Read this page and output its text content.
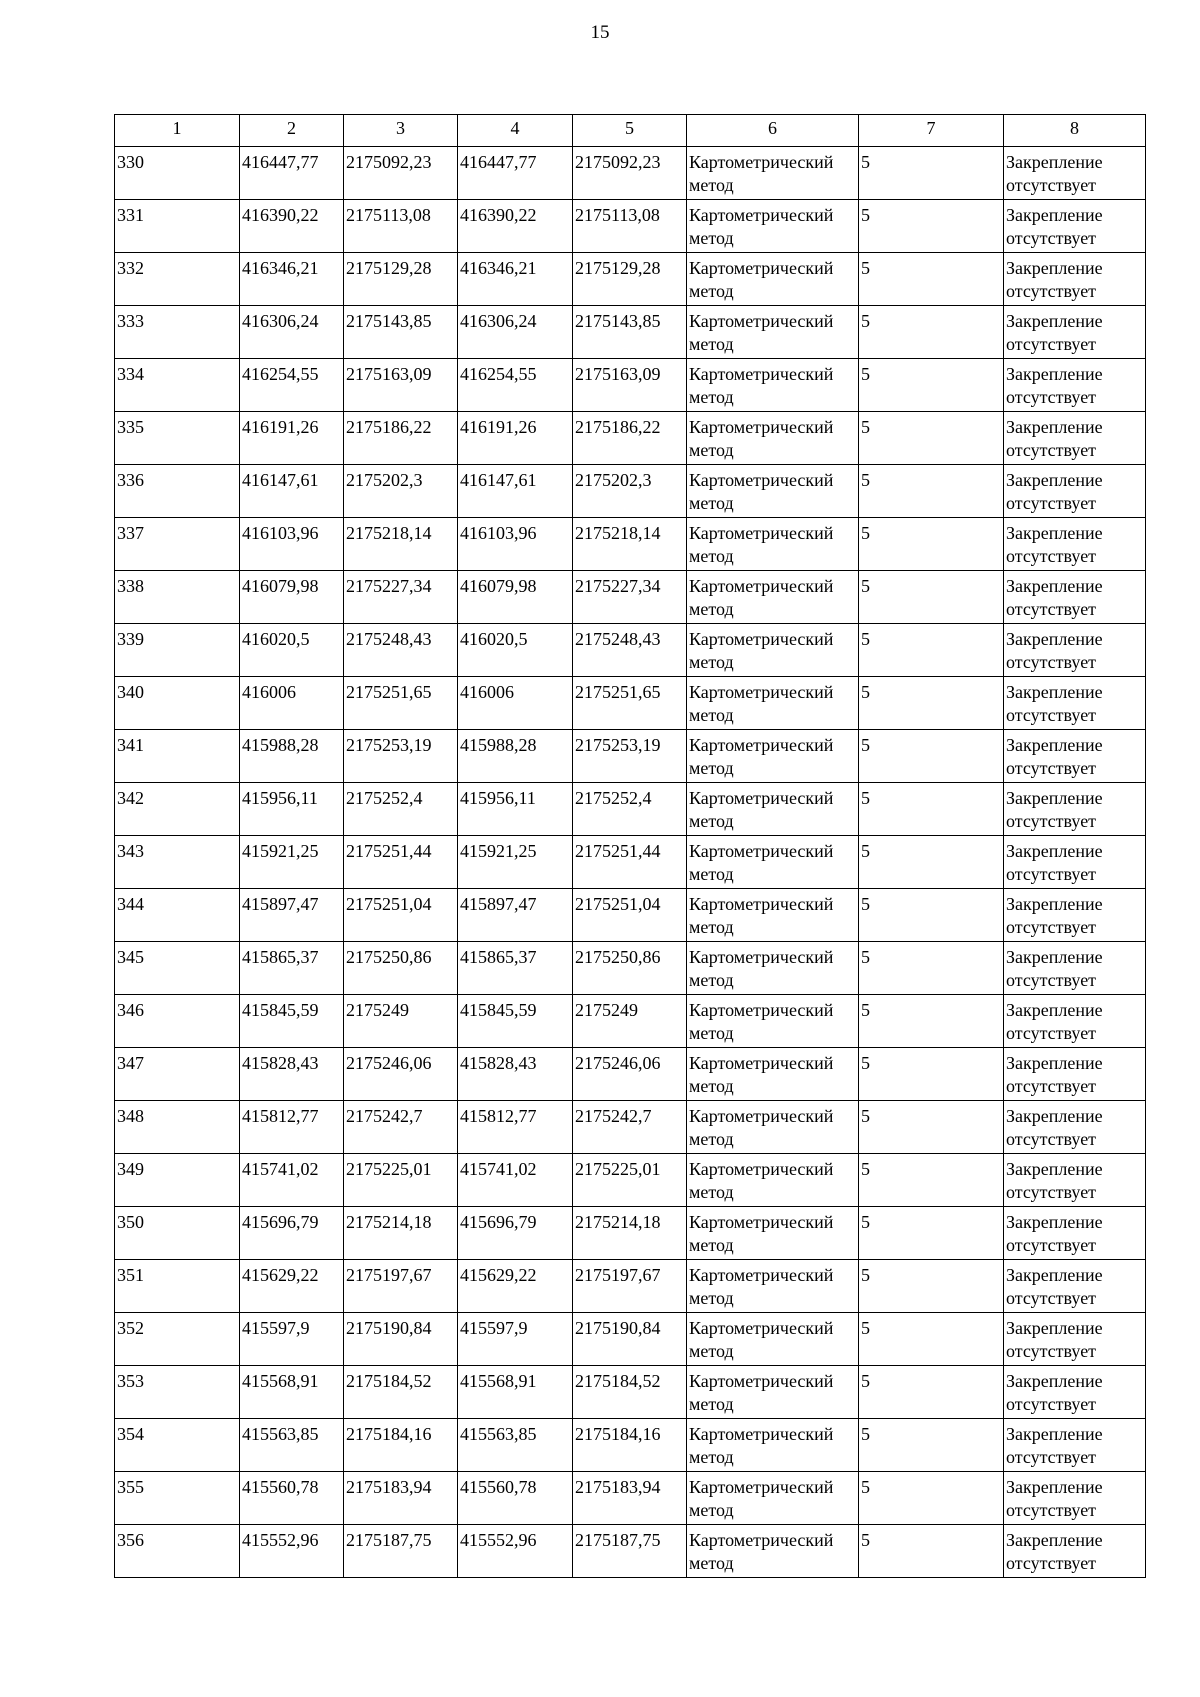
15
1	2	3	4	5	6	7	8
330	416447,77	2175092,23	416447,77	2175092,23	Картометрический метод	5	Закрепление отсутствует
331	416390,22	2175113,08	416390,22	2175113,08	Картометрический метод	5	Закрепление отсутствует
332	416346,21	2175129,28	416346,21	2175129,28	Картометрический метод	5	Закрепление отсутствует
333	416306,24	2175143,85	416306,24	2175143,85	Картометрический метод	5	Закрепление отсутствует
334	416254,55	2175163,09	416254,55	2175163,09	Картометрический метод	5	Закрепление отсутствует
335	416191,26	2175186,22	416191,26	2175186,22	Картометрический метод	5	Закрепление отсутствует
336	416147,61	2175202,3	416147,61	2175202,3	Картометрический метод	5	Закрепление отсутствует
337	416103,96	2175218,14	416103,96	2175218,14	Картометрический метод	5	Закрепление отсутствует
338	416079,98	2175227,34	416079,98	2175227,34	Картометрический метод	5	Закрепление отсутствует
339	416020,5	2175248,43	416020,5	2175248,43	Картометрический метод	5	Закрепление отсутствует
340	416006	2175251,65	416006	2175251,65	Картометрический метод	5	Закрепление отсутствует
341	415988,28	2175253,19	415988,28	2175253,19	Картометрический метод	5	Закрепление отсутствует
342	415956,11	2175252,4	415956,11	2175252,4	Картометрический метод	5	Закрепление отсутствует
343	415921,25	2175251,44	415921,25	2175251,44	Картометрический метод	5	Закрепление отсутствует
344	415897,47	2175251,04	415897,47	2175251,04	Картометрический метод	5	Закрепление отсутствует
345	415865,37	2175250,86	415865,37	2175250,86	Картометрический метод	5	Закрепление отсутствует
346	415845,59	2175249	415845,59	2175249	Картометрический метод	5	Закрепление отсутствует
347	415828,43	2175246,06	415828,43	2175246,06	Картометрический метод	5	Закрепление отсутствует
348	415812,77	2175242,7	415812,77	2175242,7	Картометрический метод	5	Закрепление отсутствует
349	415741,02	2175225,01	415741,02	2175225,01	Картометрический метод	5	Закрепление отсутствует
350	415696,79	2175214,18	415696,79	2175214,18	Картометрический метод	5	Закрепление отсутствует
351	415629,22	2175197,67	415629,22	2175197,67	Картометрический метод	5	Закрепление отсутствует
352	415597,9	2175190,84	415597,9	2175190,84	Картометрический метод	5	Закрепление отсутствует
353	415568,91	2175184,52	415568,91	2175184,52	Картометрический метод	5	Закрепление отсутствует
354	415563,85	2175184,16	415563,85	2175184,16	Картометрический метод	5	Закрепление отсутствует
355	415560,78	2175183,94	415560,78	2175183,94	Картометрический метод	5	Закрепление отсутствует
356	415552,96	2175187,75	415552,96	2175187,75	Картометрический метод	5	Закрепление отсутствует
